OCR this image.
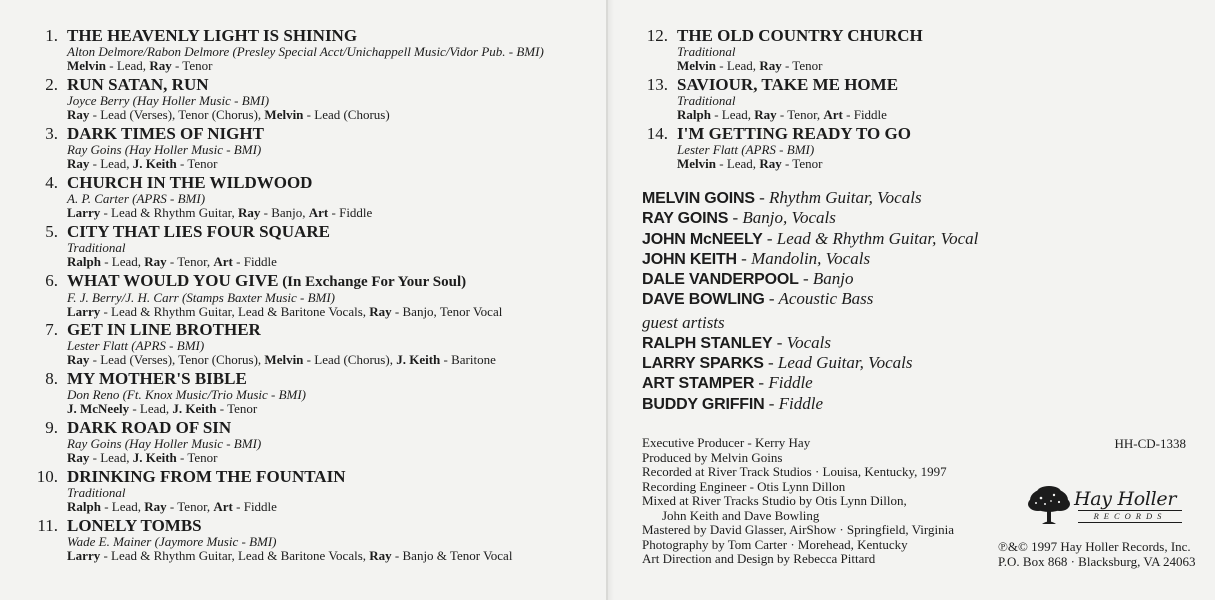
1. THE HEAVENLY LIGHT IS SHINING
Alton Delmore/Rabon Delmore (Presley Special Acct/Unichappell Music/Vidor Pub. - BMI)
Melvin - Lead, Ray - Tenor
2. RUN SATAN, RUN
Joyce Berry (Hay Holler Music - BMI)
Ray - Lead (Verses), Tenor (Chorus), Melvin - Lead (Chorus)
3. DARK TIMES OF NIGHT
Ray Goins (Hay Holler Music - BMI)
Ray - Lead, J. Keith - Tenor
4. CHURCH IN THE WILDWOOD
A. P. Carter (APRS - BMI)
Larry - Lead & Rhythm Guitar, Ray - Banjo, Art - Fiddle
5. CITY THAT LIES FOUR SQUARE
Traditional
Ralph - Lead, Ray - Tenor, Art - Fiddle
6. WHAT WOULD YOU GIVE (In Exchange For Your Soul)
F. J. Berry/J. H. Carr (Stamps Baxter Music - BMI)
Larry - Lead & Rhythm Guitar, Lead & Baritone Vocals, Ray - Banjo, Tenor Vocal
7. GET IN LINE BROTHER
Lester Flatt (APRS - BMI)
Ray - Lead (Verses), Tenor (Chorus), Melvin - Lead (Chorus), J. Keith - Baritone
8. MY MOTHER'S BIBLE
Don Reno (Ft. Knox Music/Trio Music - BMI)
J. McNeely - Lead, J. Keith - Tenor
9. DARK ROAD OF SIN
Ray Goins (Hay Holler Music - BMI)
Ray - Lead, J. Keith - Tenor
10. DRINKING FROM THE FOUNTAIN
Traditional
Ralph - Lead, Ray - Tenor, Art - Fiddle
11. LONELY TOMBS
Wade E. Mainer (Jaymore Music - BMI)
Larry - Lead & Rhythm Guitar, Lead & Baritone Vocals, Ray - Banjo & Tenor Vocal
12. THE OLD COUNTRY CHURCH
Traditional
Melvin - Lead, Ray - Tenor
13. SAVIOUR, TAKE ME HOME
Traditional
Ralph - Lead, Ray - Tenor, Art - Fiddle
14. I'M GETTING READY TO GO
Lester Flatt (APRS - BMI)
Melvin - Lead, Ray - Tenor
MELVIN GOINS - Rhythm Guitar, Vocals
RAY GOINS - Banjo, Vocals
JOHN McNEELY - Lead & Rhythm Guitar, Vocal
JOHN KEITH - Mandolin, Vocals
DALE VANDERPOOL - Banjo
DAVE BOWLING - Acoustic Bass
guest artists
RALPH STANLEY - Vocals
LARRY SPARKS - Lead Guitar, Vocals
ART STAMPER - Fiddle
BUDDY GRIFFIN - Fiddle
Executive Producer - Kerry Hay
Produced by Melvin Goins
Recorded at River Track Studios · Louisa, Kentucky, 1997
Recording Engineer - Otis Lynn Dillon
Mixed at River Tracks Studio by Otis Lynn Dillon,
John Keith and Dave Bowling
Mastered by David Glasser, AirShow · Springfield, Virginia
Photography by Tom Carter · Morehead, Kentucky
Art Direction and Design by Rebecca Pittard
HH-CD-1338
Hay Holler
RECORDS
℗&© 1997 Hay Holler Records, Inc.
P.O. Box 868 · Blacksburg, VA 24063
